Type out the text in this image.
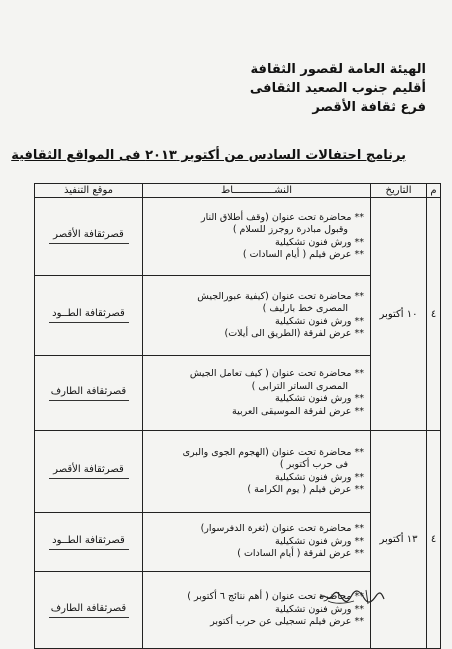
الهيئة العامة لقصور الثقافة
أقليم جنوب الصعيد الثقافى
فرع ثقافة الأقصر
برنامج احتفالات السادس من أكتوبر ٢٠١٣ فى المواقع الثقافية
م	التاريخ	النشــــــــــــــاط	موقع التنفيذ
٤	١٠ أكتوبر	** محاضرة تحت عنوان (وقف أطلاق النار
وقبول مبادرة روجرز للسلام )
** ورش فنون تشكيلية
** عرض فيلم ( أيام السادات )	قصرثقافة الأقصر

		** محاضرة تحت عنوان (كيفية عبورالجيش
المصرى خط بارليف )
** ورش فنون تشكيلية
** عرض لفرقة (الطريق الى أيلات)	قصرثقافة الطــود

		** محاضرة تحت عنوان ( كيف تعامل الجيش
المصرى الساتر الترابى )
** ورش فنون تشكيلية
** عرض لفرقة الموسيقى العربية	قصرثقافة الطارف

٤	١٣ أكتوبر	** محاضرة تحت عنوان (الهجوم الجوى والبرى
فى حرب أكتوبر )
** ورش فنون تشكيلية
** عرض فيلم ( يوم الكرامة )	قصرثقافة الأقصر

		** محاضرة تحت عنوان (ثغرة الدفرسوار)
** ورش فنون تشكيلية
** عرض لفرقة ( أيام السادات )	قصرثقافة الطــود

		** محاضرة تحت عنوان ( أهم نتائج ٦ أكتوبر )
** ورش فنون تشكيلية
** عرض فيلم تسجيلى عن حرب أكتوبر	قصرثقافة الطارف
